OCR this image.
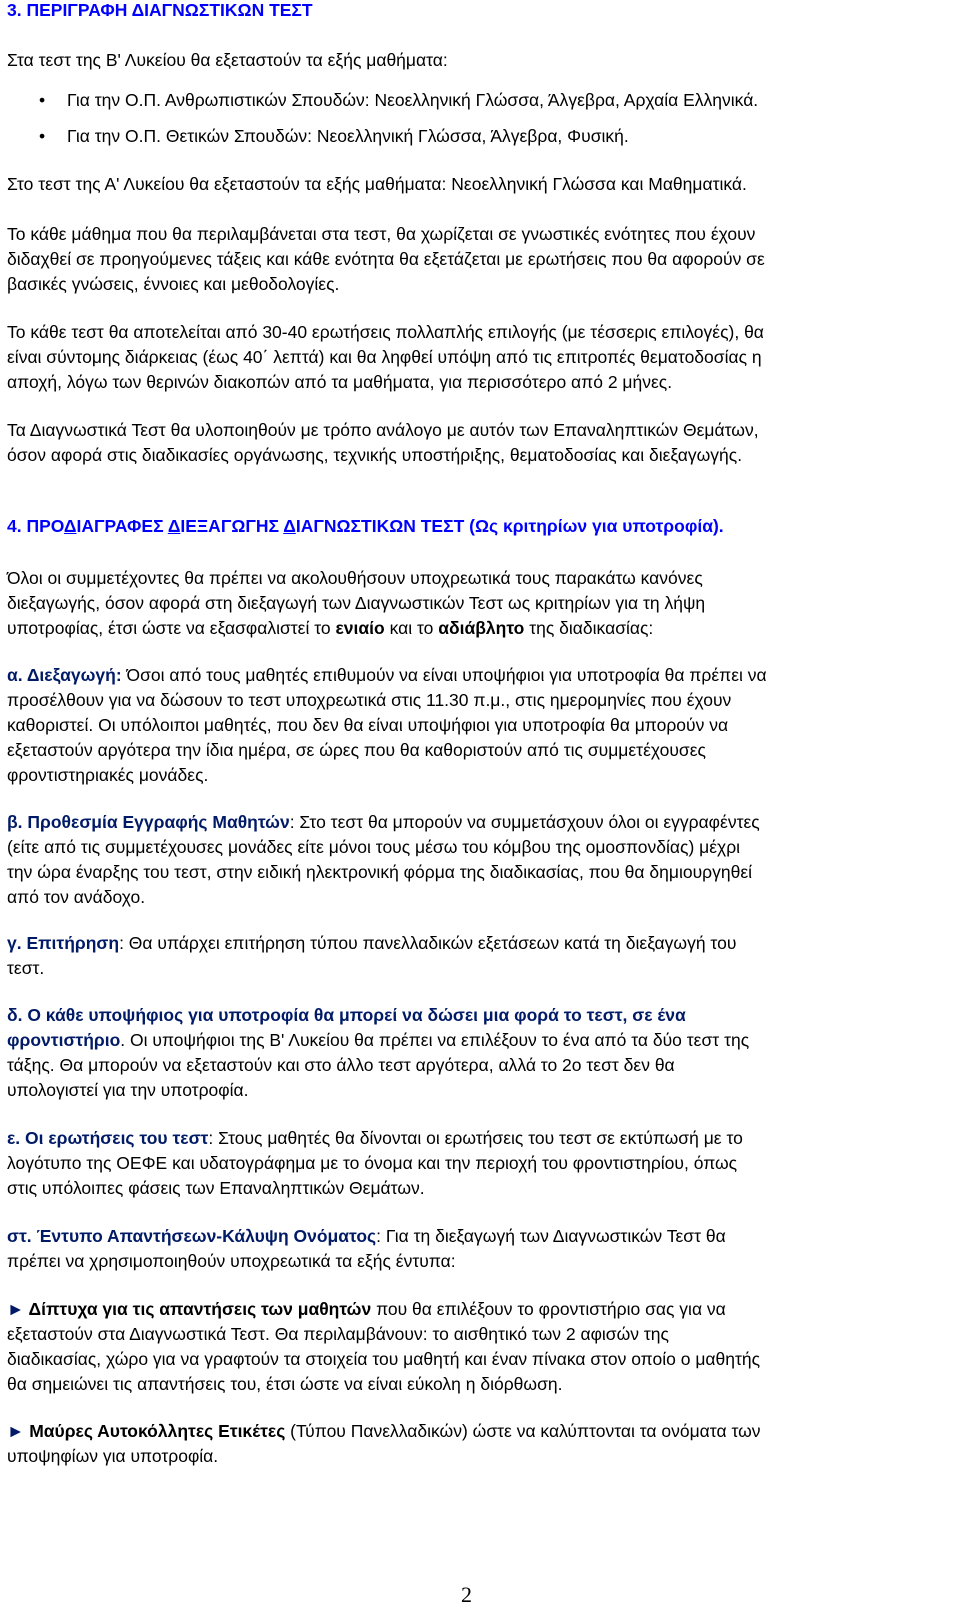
3. ΠΕΡΙΓΡΑΦΗ ΔΙΑΓΝΩΣΤΙΚΩΝ ΤΕΣΤ

Στα τεστ της Β' Λυκείου θα εξεταστούν τα εξής μαθήματα:

• Για την Ο.Π. Ανθρωπιστικών Σπουδών: Νεοελληνική Γλώσσα, Άλγεβρα, Αρχαία Ελληνικά.
• Για την Ο.Π. Θετικών Σπουδών: Νεοελληνική Γλώσσα, Άλγεβρα, Φυσική.

Στο τεστ της Α' Λυκείου θα εξεταστούν τα εξής μαθήματα: Νεοελληνική Γλώσσα και Μαθηματικά.

Το κάθε μάθημα που θα περιλαμβάνεται στα τεστ, θα χωρίζεται σε γνωστικές ενότητες που έχουν
διδαχθεί σε προηγούμενες τάξεις και κάθε ενότητα θα εξετάζεται με ερωτήσεις που θα αφορούν σε
βασικές γνώσεις, έννοιες και μεθοδολογίες.
Το κάθε τεστ θα αποτελείται από 30-40 ερωτήσεις πολλαπλής επιλογής (με τέσσερις επιλογές), θα
είναι σύντομης διάρκειας (έως 40΄ λεπτά) και θα ληφθεί υπόψη από τις επιτροπές θεματοδοσίας η
αποχή, λόγω των θερινών διακοπών από τα μαθήματα, για περισσότερο από 2 μήνες.
Τα Διαγνωστικά Τεστ θα υλοποιηθούν με τρόπο ανάλογο με αυτόν των Επαναληπτικών Θεμάτων,
όσον αφορά στις διαδικασίες οργάνωσης, τεχνικής υποστήριξης, θεματοδοσίας και διεξαγωγής.
4. ΠΡΟΔΙΑΓΡΑΦΕΣ ΔΙΕΞΑΓΩΓΗΣ ΔΙΑΓΝΩΣΤΙΚΩΝ ΤΕΣΤ (Ως κριτηρίων για υποτροφία).
Όλοι οι συμμετέχοντες θα πρέπει να ακολουθήσουν υποχρεωτικά τους παρακάτω κανόνες
διεξαγωγής, όσον αφορά στη διεξαγωγή των Διαγνωστικών Τεστ ως κριτηρίων για τη λήψη
υποτροφίας, έτσι ώστε να εξασφαλιστεί το ενιαίο και το αδιάβλητο της διαδικασίας:
α. Διεξαγωγή: Όσοι από τους μαθητές επιθυμούν να είναι υποψήφιοι για υποτροφία θα πρέπει να
προσέλθουν για να δώσουν το τεστ υποχρεωτικά στις 11.30 π.μ., στις ημερομηνίες που έχουν
καθοριστεί. Οι υπόλοιποι μαθητές, που δεν θα είναι υποψήφιοι για υποτροφία θα μπορούν να
εξεταστούν αργότερα την ίδια ημέρα, σε ώρες που θα καθοριστούν από τις συμμετέχουσες
φροντιστηριακές μονάδες.
β. Προθεσμία Εγγραφής Μαθητών: Στο τεστ θα μπορούν να συμμετάσχουν όλοι οι εγγραφέντες
(είτε από τις συμμετέχουσες μονάδες είτε μόνοι τους μέσω του κόμβου της ομοσπονδίας) μέχρι
την ώρα έναρξης του τεστ, στην ειδική ηλεκτρονική φόρμα της διαδικασίας, που θα δημιουργηθεί
από τον ανάδοχο.
γ. Επιτήρηση: Θα υπάρχει επιτήρηση τύπου πανελλαδικών εξετάσεων κατά τη διεξαγωγή του
τεστ.
δ. Ο κάθε υποψήφιος για υποτροφία θα μπορεί να δώσει μια φορά το τεστ, σε ένα
φροντιστήριο. Οι υποψήφιοι της Β' Λυκείου θα πρέπει να επιλέξουν το ένα από τα δύο τεστ της
τάξης. Θα μπορούν να εξεταστούν και στο άλλο τεστ αργότερα, αλλά το 2ο τεστ δεν θα
υπολογιστεί για την υποτροφία.
ε. Οι ερωτήσεις του τεστ: Στους μαθητές θα δίνονται οι ερωτήσεις του τεστ σε εκτύπωσή με το
λογότυπο της ΟΕΦΕ και υδατογράφημα με το όνομα και την περιοχή του φροντιστηρίου, όπως
στις υπόλοιπες φάσεις των Επαναληπτικών Θεμάτων.
στ. Έντυπο Απαντήσεων-Κάλυψη Ονόματος: Για τη διεξαγωγή των Διαγνωστικών Τεστ θα
πρέπει να χρησιμοποιηθούν υποχρεωτικά τα εξής έντυπα:
► Δίπτυχα για τις απαντήσεις των μαθητών που θα επιλέξουν το φροντιστήριο σας για να
εξεταστούν στα Διαγνωστικά Τεστ. Θα περιλαμβάνουν: το αισθητικό των 2 αφισών της
διαδικασίας, χώρο για να γραφτούν τα στοιχεία του μαθητή και έναν πίνακα στον οποίο ο μαθητής
θα σημειώνει τις απαντήσεις του, έτσι ώστε να είναι εύκολη η διόρθωση.
► Μαύρες Αυτοκόλλητες Ετικέτες (Τύπου Πανελλαδικών) ώστε να καλύπτονται τα ονόματα των
υποψηφίων για υποτροφία.
2
